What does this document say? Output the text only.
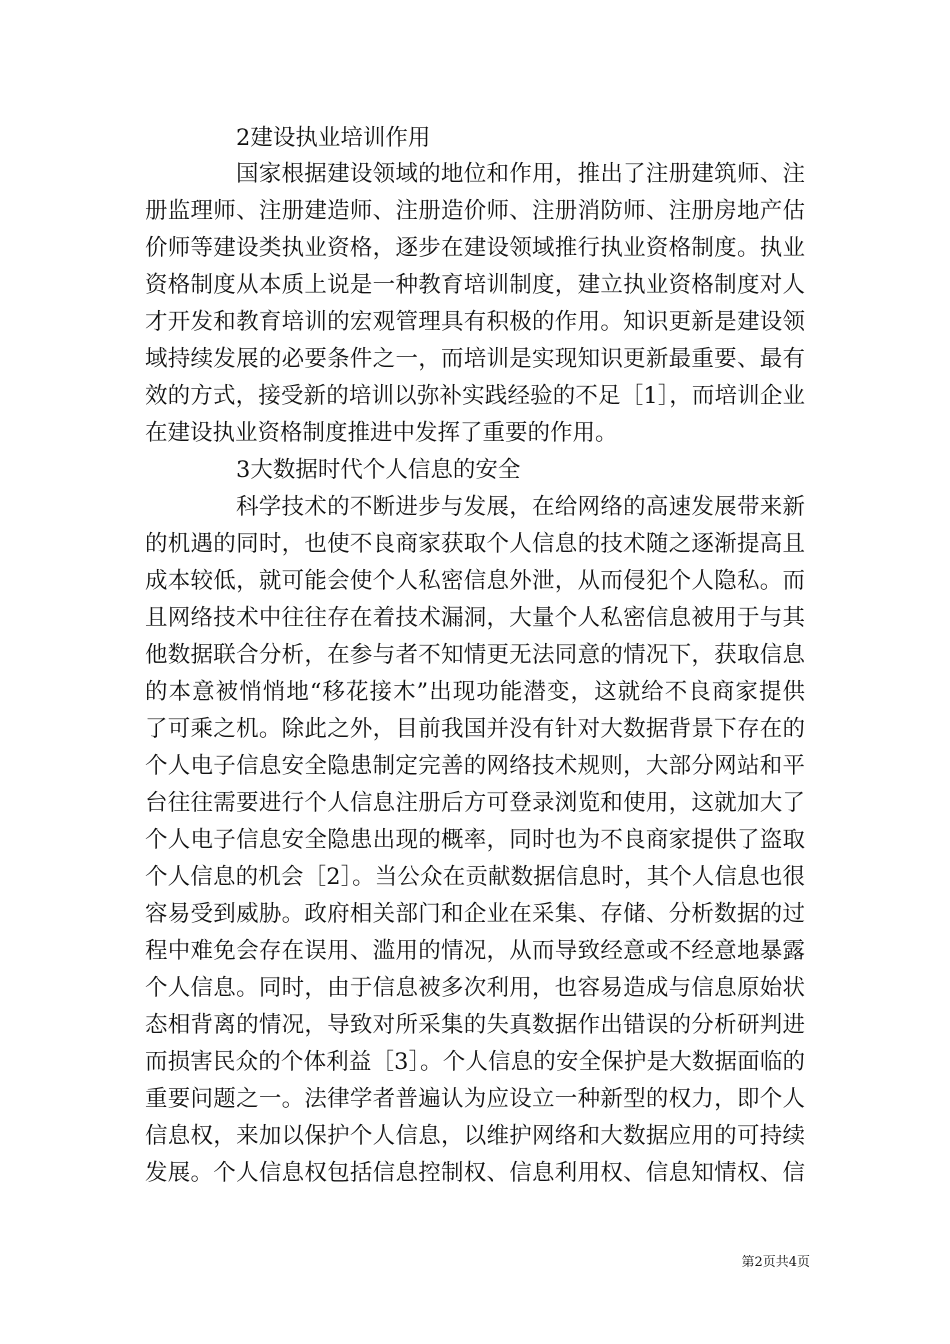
2建设执业培训作用
国家根据建设领域的地位和作用，推出了注册建筑师、注
册监理师、注册建造师、注册造价师、注册消防师、注册房地产估
价师等建设类执业资格，逐步在建设领域推行执业资格制度。执业
资格制度从本质上说是一种教育培训制度，建立执业资格制度对人
才开发和教育培训的宏观管理具有积极的作用。知识更新是建设领
域持续发展的必要条件之一，而培训是实现知识更新最重要、最有
效的方式，接受新的培训以弥补实践经验的不足［1］，而培训企业
在建设执业资格制度推进中发挥了重要的作用。
3大数据时代个人信息的安全
科学技术的不断进步与发展，在给网络的高速发展带来新
的机遇的同时，也使不良商家获取个人信息的技术随之逐渐提高且
成本较低，就可能会使个人私密信息外泄，从而侵犯个人隐私。而
且网络技术中往往存在着技术漏洞，大量个人私密信息被用于与其
他数据联合分析，在参与者不知情更无法同意的情况下，获取信息
的本意被悄悄地“移花接木”出现功能潜变，这就给不良商家提供
了可乘之机。除此之外，目前我国并没有针对大数据背景下存在的
个人电子信息安全隐患制定完善的网络技术规则，大部分网站和平
台往往需要进行个人信息注册后方可登录浏览和使用，这就加大了
个人电子信息安全隐患出现的概率，同时也为不良商家提供了盗取
个人信息的机会［2］。当公众在贡献数据信息时，其个人信息也很
容易受到威胁。政府相关部门和企业在采集、存储、分析数据的过
程中难免会存在误用、滥用的情况，从而导致经意或不经意地暴露
个人信息。同时，由于信息被多次利用，也容易造成与信息原始状
态相背离的情况，导致对所采集的失真数据作出错误的分析研判进
而损害民众的个体利益［3］。个人信息的安全保护是大数据面临的
重要问题之一。法律学者普遍认为应设立一种新型的权力，即个人
信息权，来加以保护个人信息，以维护网络和大数据应用的可持续
发展。个人信息权包括信息控制权、信息利用权、信息知情权、信
第2页共4页
